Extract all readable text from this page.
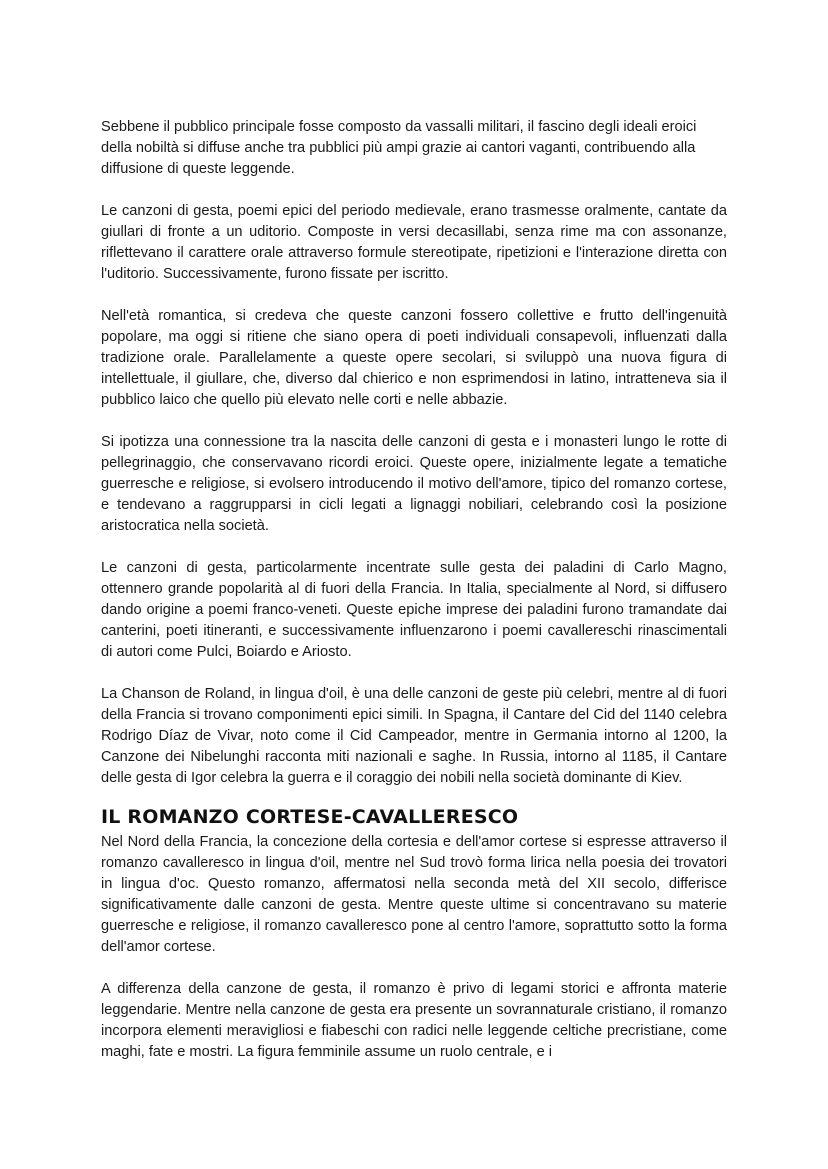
Sebbene il pubblico principale fosse composto da vassalli militari, il fascino degli ideali eroici della nobiltà si diffuse anche tra pubblici più ampi grazie ai cantori vaganti, contribuendo alla diffusione di queste leggende.

Le canzoni di gesta, poemi epici del periodo medievale, erano trasmesse oralmente, cantate da giullari di fronte a un uditorio. Composte in versi decasillabi, senza rime ma con assonanze, riflettevano il carattere orale attraverso formule stereotipate, ripetizioni e l'interazione diretta con l'uditorio. Successivamente, furono fissate per iscritto.

Nell'età romantica, si credeva che queste canzoni fossero collettive e frutto dell'ingenuità popolare, ma oggi si ritiene che siano opera di poeti individuali consapevoli, influenzati dalla tradizione orale. Parallelamente a queste opere secolari, si sviluppò una nuova figura di intellettuale, il giullare, che, diverso dal chierico e non esprimendosi in latino, intratteneva sia il pubblico laico che quello più elevato nelle corti e nelle abbazie.

Si ipotizza una connessione tra la nascita delle canzoni di gesta e i monasteri lungo le rotte di pellegrinaggio, che conservavano ricordi eroici. Queste opere, inizialmente legate a tematiche guerresche e religiose, si evolsero introducendo il motivo dell'amore, tipico del romanzo cortese, e tendevano a raggrupparsi in cicli legati a lignaggi nobiliari, celebrando così la posizione aristocratica nella società.

Le canzoni di gesta, particolarmente incentrate sulle gesta dei paladini di Carlo Magno, ottennero grande popolarità al di fuori della Francia. In Italia, specialmente al Nord, si diffusero dando origine a poemi franco-veneti. Queste epiche imprese dei paladini furono tramandate dai canterini, poeti itineranti, e successivamente influenzarono i poemi cavallereschi rinascimentali di autori come Pulci, Boiardo e Ariosto.

La Chanson de Roland, in lingua d'oil, è una delle canzoni de geste più celebri, mentre al di fuori della Francia si trovano componimenti epici simili. In Spagna, il Cantare del Cid del 1140 celebra Rodrigo Díaz de Vivar, noto come il Cid Campeador, mentre in Germania intorno al 1200, la Canzone dei Nibelunghi racconta miti nazionali e saghe. In Russia, intorno al 1185, il Cantare delle gesta di Igor celebra la guerra e il coraggio dei nobili nella società dominante di Kiev.

IL ROMANZO CORTESE-CAVALLERESCO

Nel Nord della Francia, la concezione della cortesia e dell'amor cortese si espresse attraverso il romanzo cavalleresco in lingua d'oil, mentre nel Sud trovò forma lirica nella poesia dei trovatori in lingua d'oc. Questo romanzo, affermatosi nella seconda metà del XII secolo, differisce significativamente dalle canzoni de gesta. Mentre queste ultime si concentravano su materie guerresche e religiose, il romanzo cavalleresco pone al centro l'amore, soprattutto sotto la forma dell'amor cortese.

A differenza della canzone de gesta, il romanzo è privo di legami storici e affronta materie leggendarie. Mentre nella canzone de gesta era presente un sovrannaturale cristiano, il romanzo incorpora elementi meravigliosi e fiabeschi con radici nelle leggende celtiche precristiane, come maghi, fate e mostri. La figura femminile assume un ruolo centrale, e i
